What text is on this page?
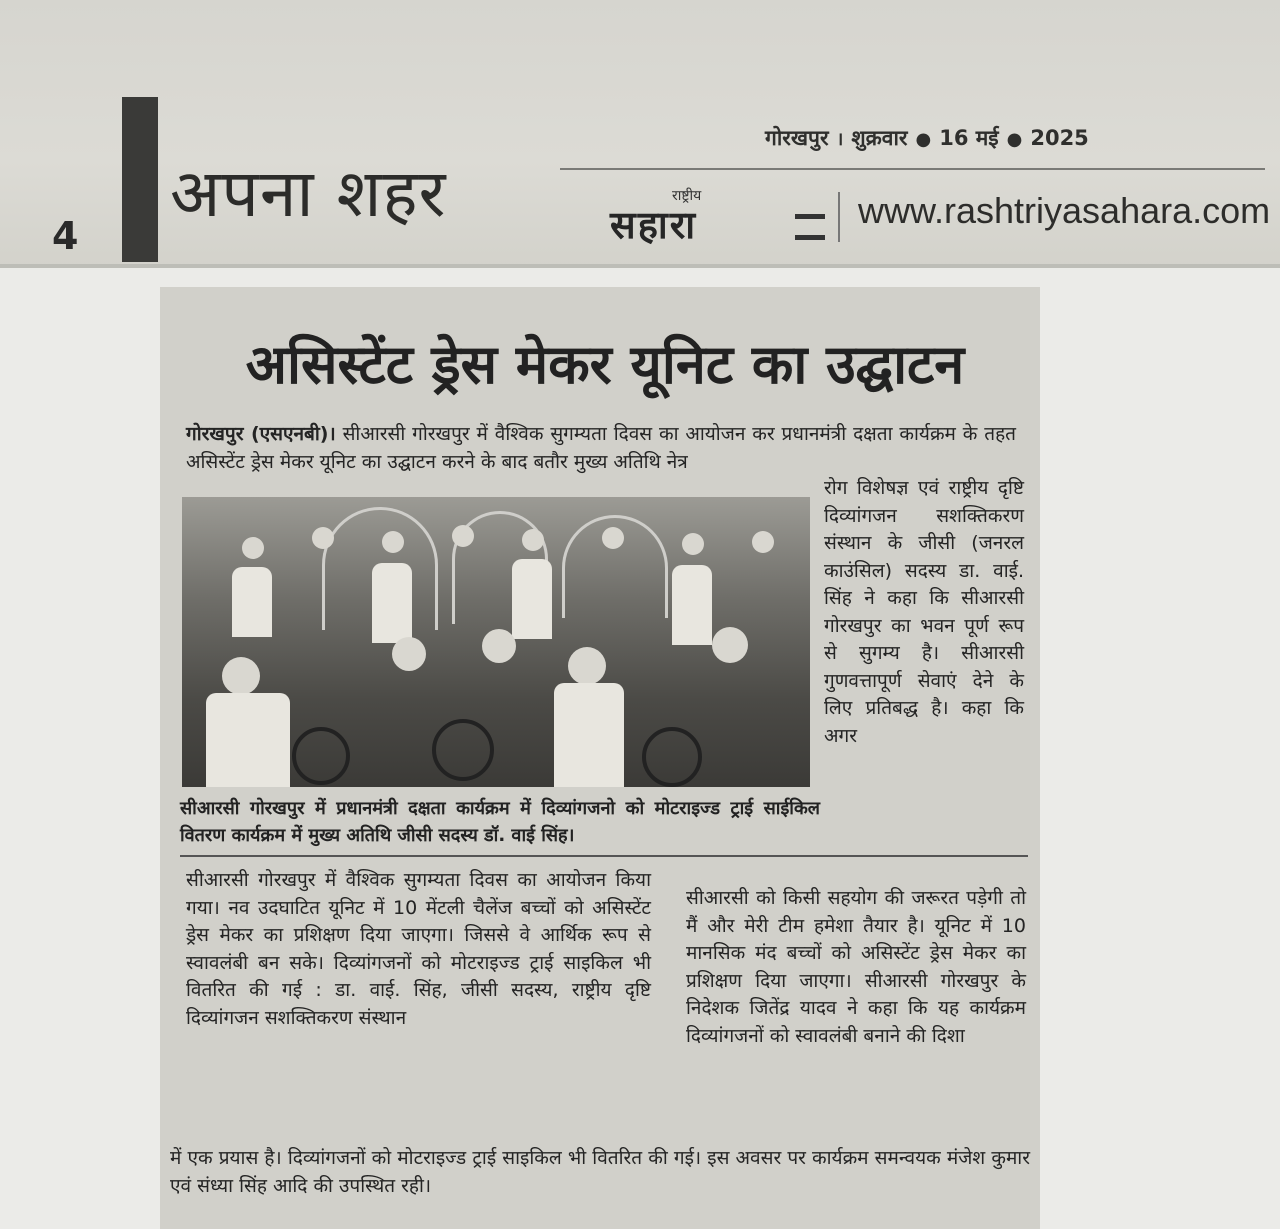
4
अपना शहर
गोरखपुर । शुक्रवार ● 16 मई ● 2025
राष्ट्रीय
सहारा	www.rashtriyasahara.com
असिस्टेंट ड्रेस मेकर यूनिट का उद्घाटन
गोरखपुर (एसएनबी)। सीआरसी गोरखपुर में वैश्विक सुगम्यता दिवस का आयोजन कर प्रधानमंत्री दक्षता कार्यक्रम के तहत असिस्टेंट ड्रेस मेकर यूनिट का उद्घाटन करने के बाद बतौर मुख्य अतिथि नेत्र
रोग विशेषज्ञ एवं राष्ट्रीय दृष्टि दिव्यांगजन सशक्तिकरण संस्थान के जीसी (जनरल काउंसिल) सदस्य डा. वाई. सिंह ने कहा कि सीआरसी गोरखपुर का भवन पूर्ण रूप से सुगम्य है। सीआरसी गुणवत्तापूर्ण सेवाएं देने के लिए प्रतिबद्ध है। कहा कि अगर
सीआरसी गोरखपुर में प्रधानमंत्री दक्षता कार्यक्रम में दिव्यांगजनो को मोटराइज्ड ट्राई साईकिल वितरण कार्यक्रम में मुख्य अतिथि जीसी सदस्य डॉ. वाई सिंह।
सीआरसी गोरखपुर में वैश्विक सुगम्यता दिवस का आयोजन किया गया। नव उदघाटित यूनिट में 10 मेंटली चैलेंज बच्चों को असिस्टेंट ड्रेस मेकर का प्रशिक्षण दिया जाएगा। जिससे वे आर्थिक रूप से स्वावलंबी बन सके। दिव्यांगजनों को मोटराइज्ड ट्राई साइकिल भी वितरित की गई : डा. वाई. सिंह, जीसी सदस्य, राष्ट्रीय दृष्टि दिव्यांगजन सशक्तिकरण संस्थान
सीआरसी को किसी सहयोग की जरूरत पड़ेगी तो मैं और मेरी टीम हमेशा तैयार है। यूनिट में 10 मानसिक मंद बच्चों को असिस्टेंट ड्रेस मेकर का प्रशिक्षण दिया जाएगा। सीआरसी गोरखपुर के निदेशक जितेंद्र यादव ने कहा कि यह कार्यक्रम दिव्यांगजनों को स्वावलंबी बनाने की दिशा
में एक प्रयास है। दिव्यांगजनों को मोटराइज्ड ट्राई साइकिल भी वितरित की गई। इस अवसर पर कार्यक्रम समन्वयक मंजेश कुमार एवं संध्या सिंह आदि की उपस्थित रही।
